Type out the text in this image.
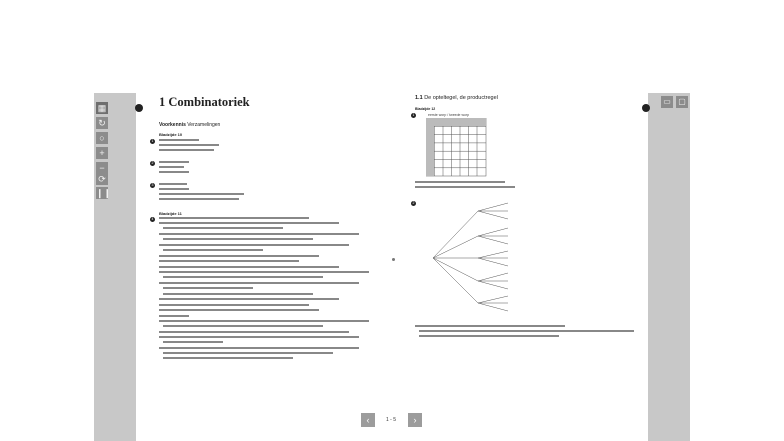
▦
↻
○
+
−
⟳
❙❙
▭ ▢
1 Combinatoriek
Voorkennis Verzamelingen
Bladzijde 10
1
2
3
Bladzijde 11
4
1.1 De opteltegel, de productregel
Bladzijde 12
1	eerste worp / tweede worp
2
‹	1 - 5	›
